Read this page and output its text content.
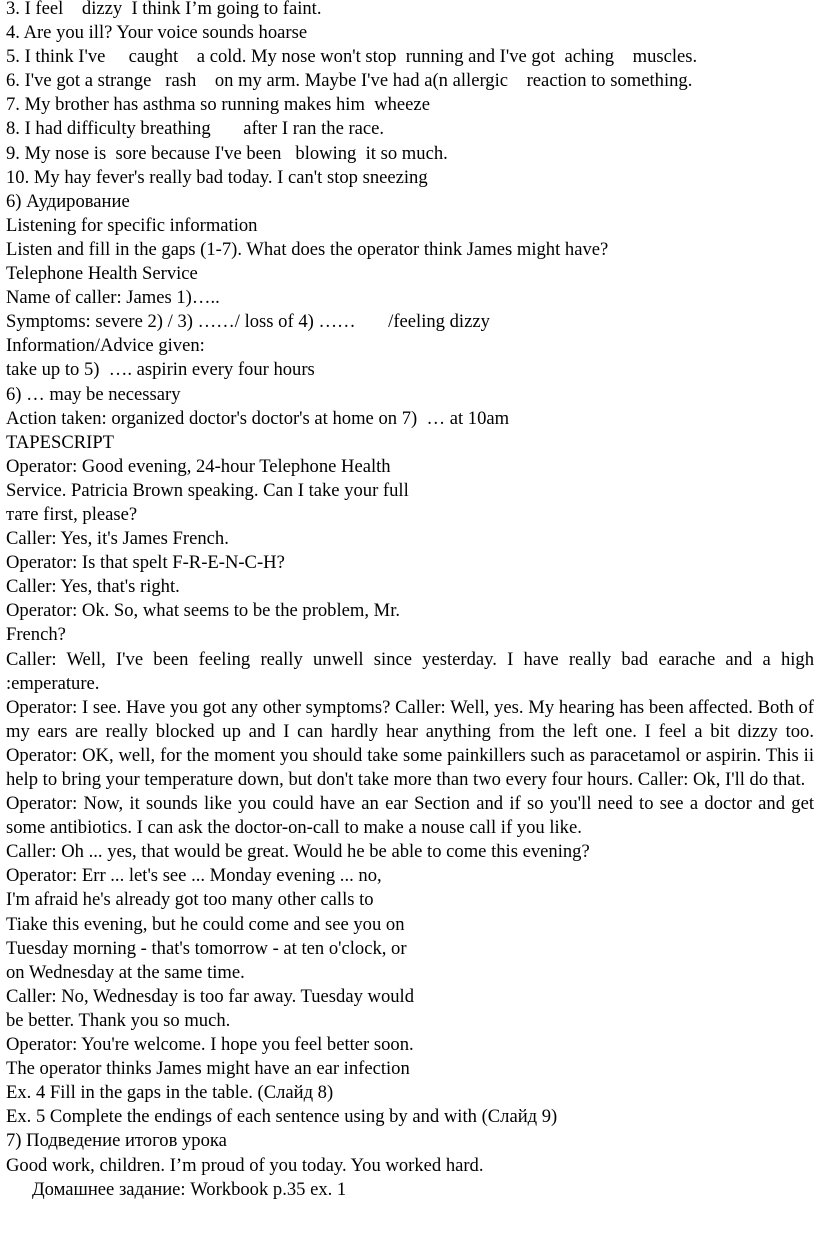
3. I feel    dizzy  I think I’m going to faint.
4. Are you ill? Your voice sounds hoarse
5. I think I've     caught    a cold. My nose won't stop  running and I've got  aching    muscles.
6. I've got a strange   rash    on my arm. Maybe I've had a(n allergic    reaction to something.
7. My brother has asthma so running makes him  wheeze
8. I had difficulty breathing       after I ran the race.
9. My nose is  sore because I've been   blowing  it so much.
10. My hay fever's really bad today. I can't stop sneezing
6) Аудирование
Listening for specific information
Listen and fill in the gaps (1-7). What does the operator think James might have?
Telephone Health Service
Name of caller: James 1)…..
Symptoms: severe 2) / 3) ……/ loss of 4) ……       /feeling dizzy
Information/Advice given:
take up to 5)  …. aspirin every four hours
6) … may be necessary
Action taken: organized doctor's doctor's at home on 7)  … at 10am
TAPESCRIPT
Operator: Good evening, 24-hour Telephone Health
Service. Patricia Brown speaking. Can I take your full
тате first, please?
Caller: Yes, it's James French.
Operator: Is that spelt F-R-E-N-C-H?
Caller: Yes, that's right.
Operator: Ok. So, what seems to be the problem, Mr.
French?
Caller: Well, I've been feeling really unwell since yesterday. I have really bad earache and a high :emperature.
Operator: I see. Have you got any other symptoms? Caller: Well, yes. My hearing has been affected. Both of my ears are really blocked up and I can hardly hear anything from the left one. I feel a bit dizzy too. Operator: OK, well, for the moment you should take some painkillers such as paracetamol or aspirin. This ii help to bring your temperature down, but don't take more than two every four hours. Caller: Ok, I'll do that.
Operator: Now, it sounds like you could have an ear Section and if so you'll need to see a doctor and get some antibiotics. I can ask the doctor-on-call to make a nouse call if you like.
Caller: Oh ... yes, that would be great. Would he be able to come this evening?
Operator: Err ... let's see ... Monday evening ... no,
I'm afraid he's already got too many other calls to
Tiake this evening, but he could come and see you on
Tuesday morning - that's tomorrow - at ten o'clock, or
on Wednesday at the same time.
Caller: No, Wednesday is too far away. Tuesday would
be better. Thank you so much.
Operator: You're welcome. I hope you feel better soon.
The operator thinks James might have an ear infection
Ex. 4 Fill in the gaps in the table. (Слайд 8)
Ex. 5 Complete the endings of each sentence using by and with (Слайд 9)
7) Подведение итогов урока
Good work, children. I’m proud of you today. You worked hard.
Домашнее задание: Workbook p.35 ex. 1
